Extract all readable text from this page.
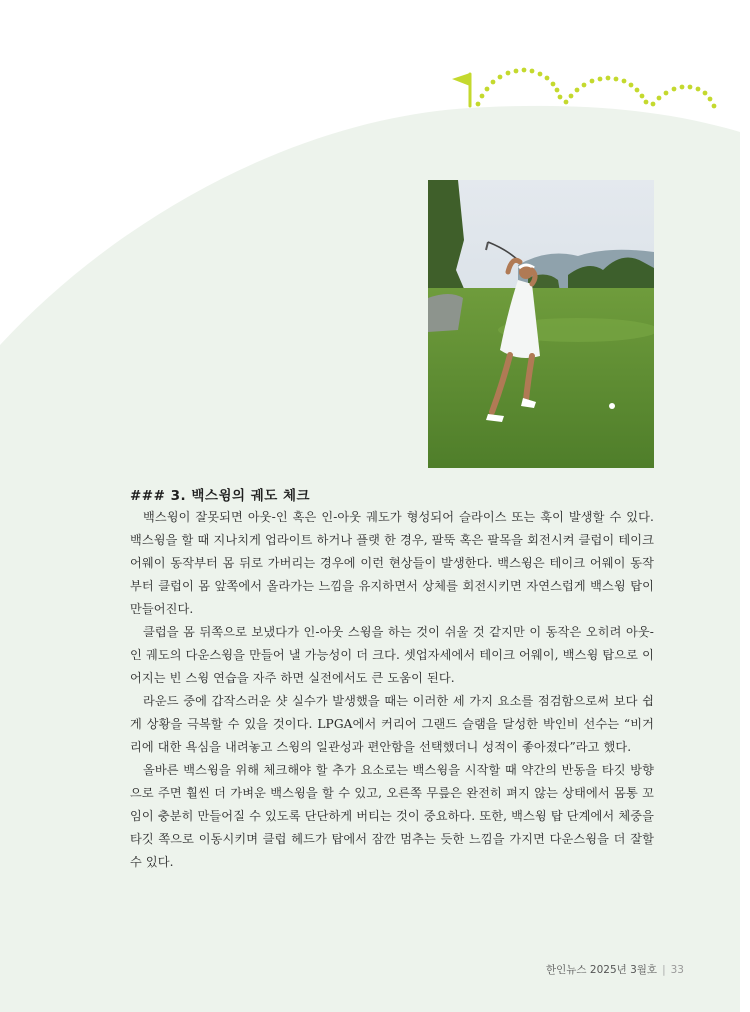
### 3. 백스윙의 궤도 체크

백스윙이 잘못되면 아웃-인 혹은 인-아웃 궤도가 형성되어 슬라이스 또는 훅이 발생할 수 있다. 백스윙을 할 때 지나치게 업라이트 하거나 플랫 한 경우, 팔뚝 혹은 팔목을 회전시켜 클럽이 테이크 어웨이 동작부터 몸 뒤로 가버리는 경우에 이런 현상들이 발생한다. 백스윙은 테이크 어웨이 동작부터 클럽이 몸 앞쪽에서 올라가는 느낌을 유지하면서 상체를 회전시키면 자연스럽게 백스윙 탑이 만들어진다.

클럽을 몸 뒤쪽으로 보냈다가 인-아웃 스윙을 하는 것이 쉬울 것 같지만 이 동작은 오히려 아웃-인 궤도의 다운스윙을 만들어 낼 가능성이 더 크다. 셋업자세에서 테이크 어웨이, 백스윙 탑으로 이어지는 빈 스윙 연습을 자주 하면 실전에서도 큰 도움이 된다.

라운드 중에 갑작스러운 샷 실수가 발생했을 때는 이러한 세 가지 요소를 점검함으로써 보다 쉽게 상황을 극복할 수 있을 것이다. LPGA에서 커리어 그랜드 슬램을 달성한 박인비 선수는 “비거리에 대한 욕심을 내려놓고 스윙의 일관성과 편안함을 선택했더니 성적이 좋아졌다”라고 했다.

올바른 백스윙을 위해 체크해야 할 추가 요소로는 백스윙을 시작할 때 약간의 반동을 타깃 방향으로 주면 훨씬 더 가벼운 백스윙을 할 수 있고, 오른쪽 무릎은 완전히 펴지 않는 상태에서 몸통 꼬임이 충분히 만들어질 수 있도록 단단하게 버티는 것이 중요하다. 또한, 백스윙 탑 단계에서 체중을 타깃 쪽으로 이동시키며 클럽 헤드가 탑에서 잠깐 멈추는 듯한 느낌을 가지면 다운스윙을 더 잘할 수 있다.

한인뉴스 2025년 3월호 | 33
